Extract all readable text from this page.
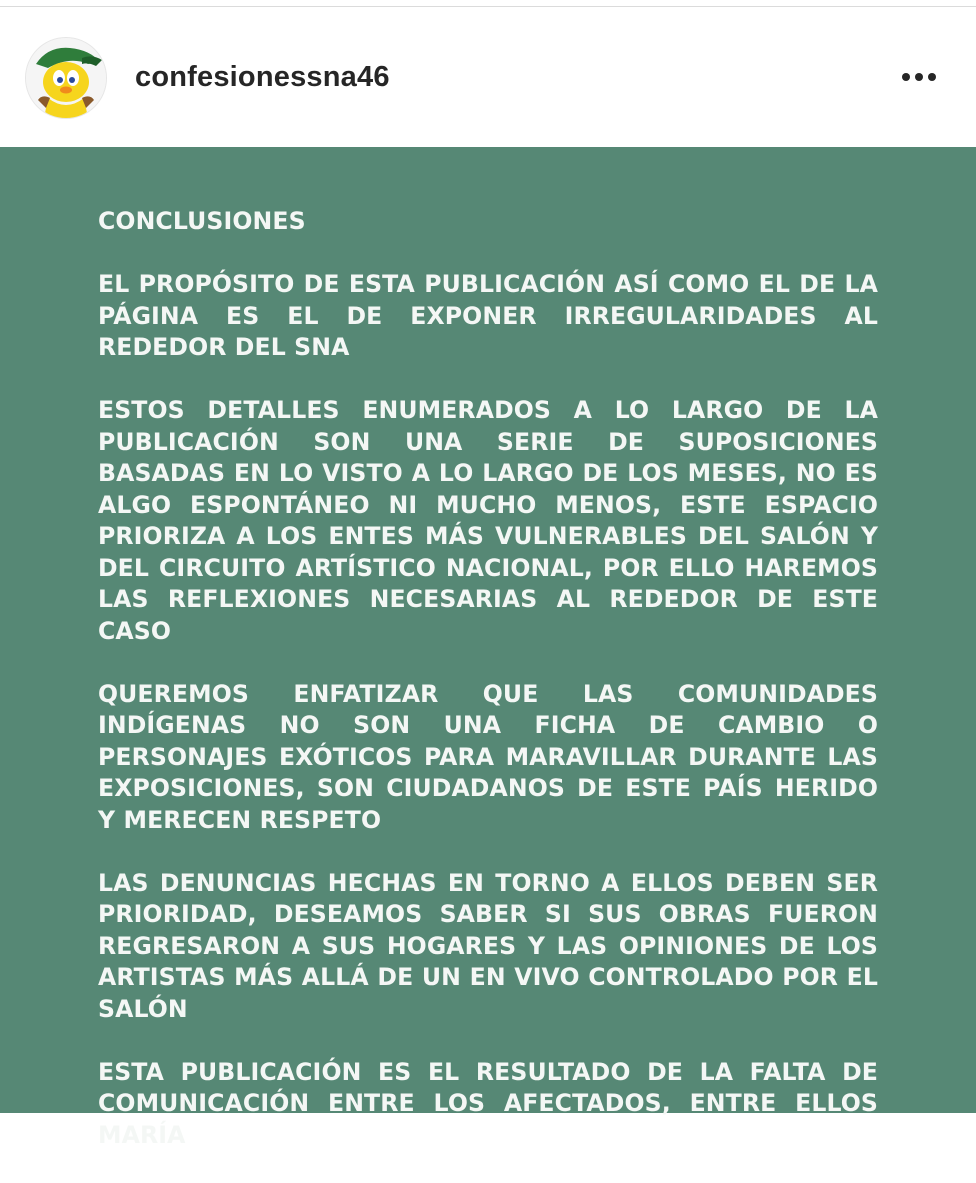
confesionessna46

CONCLUSIONES

EL PROPÓSITO DE ESTA PUBLICACIÓN ASÍ COMO EL DE LA PÁGINA ES EL DE EXPONER IRREGULARIDADES AL REDEDOR DEL SNA

ESTOS DETALLES ENUMERADOS A LO LARGO DE LA PUBLICACIÓN SON UNA SERIE DE SUPOSICIONES BASADAS EN LO VISTO A LO LARGO DE LOS MESES, NO ES ALGO ESPONTÁNEO NI MUCHO MENOS, ESTE ESPACIO PRIORIZA A LOS ENTES MÁS VULNERABLES DEL SALÓN Y DEL CIRCUITO ARTÍSTICO NACIONAL, POR ELLO HAREMOS LAS REFLEXIONES NECESARIAS AL REDEDOR DE ESTE CASO

QUEREMOS ENFATIZAR QUE LAS COMUNIDADES INDÍGENAS NO SON UNA FICHA DE CAMBIO O PERSONAJES EXÓTICOS PARA MARAVILLAR DURANTE LAS EXPOSICIONES, SON CIUDADANOS DE ESTE PAÍS HERIDO Y MERECEN RESPETO

LAS DENUNCIAS HECHAS EN TORNO A ELLOS DEBEN SER PRIORIDAD, DESEAMOS SABER SI SUS OBRAS FUERON REGRESARON A SUS HOGARES Y LAS OPINIONES DE LOS ARTISTAS MÁS ALLÁ DE UN EN VIVO CONTROLADO POR EL SALÓN

ESTA PUBLICACIÓN ES EL RESULTADO DE LA FALTA DE COMUNICACIÓN ENTRE LOS AFECTADOS, ENTRE ELLOS MARÍA
